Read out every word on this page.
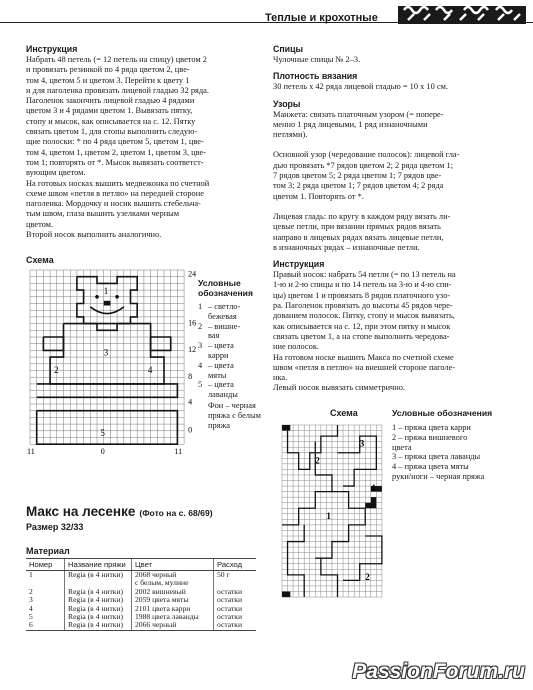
Теплые и крохотные
Инструкция

Набрать 48 петель (= 12 петель на спицу) цветом 2

и провязать резинкой по 4 ряда цветом 2, цве-

том 4, цветом 5 и цветом 3. Перейти к цвету 1

и для паголенка провязать лицевой гладью 32 ряда.

Паголенок закончить лицевой гладью 4 рядами

цветом 3 и 4 рядами цветом 1. Вывязать пятку,

стопу и мысок, как описывается на с. 12. Пятку

связать цветом 1, для стопы выполнить следую-

щие полоски: * по 4 ряда цветом 5, цветом 1, цве-

том 4, цветом 1, цветом 2, цветом 1, цветом 3, цве-

том 1; повторять от *. Мысок вывязать соответст-

вующим цветом.

На готовых носках вышить медвежонка по счетной

схеме швом «петля в петлю» на передней стороне

паголенка. Мордочку и носик вышить стебельча-

тым швом, глаза вышить узелками черным

цветом.

Второй носок выполнить аналогично.

Схема
Условные
обозначения
1 – светло-
бежевая
2 – вишне-
вая
3 – цвета
карри
4 – цвета
мяты
5 – цвета
лаванды
Фон – черная
пряжа с белым
пряжа
1
3
2	4
5
24
16
12
8
4
0
11	0	11
Макс на лесенке (Фото на с. 68/69)
Размер 32/33
Материал
Номер	Название пряжи	Цвет	Расход

1	Regia (в 4 нитки)	2068 черный
с белым, мулине	50 г

2	Regia (в 4 нитки)	2002 вишневый	остатки

3	Regia (в 4 нитки)	2059 цвета мяты	остатки

4	Regia (в 4 нитки)	2101 цвета карри	остатки

5	Regia (в 4 нитки)	1988 цвета лаванды	остатки

6	Regia (в 4 нитки)	2066 черный	остатки
Спицы

Чулочные спицы № 2–3.

Плотность вязания

30 петель x 42 ряда лицевой гладью = 10 x 10 см.

Узоры

Манжета: связать платочным узором (= попере-

менно 1 ряд лицевыми, 1 ряд изнаночными

петлями).

Основной узор (чередование полосок): лицевой гла-

дью провязать *7 рядов цветом 2; 2 ряда цветом 1;

7 рядов цветом 5; 2 ряда цветом 1; 7 рядов цве-

том 3; 2 ряда цветом 1; 7 рядов цветом 4; 2 ряда

цветом 1. Повторять от *.

Лицевая гладь: по кругу в каждом ряду вязать ли-

цевые петли, при вязании прямых рядов вязать

направо в лицевых рядах вязать лицевые петли,

в изнаночных рядах – изнаночные петли.

Инструкция

Правый носок: набрать 54 петли (= по 13 петель на

1-ю и 2-ю спицы и по 14 петель на 3-ю и 4-ю спи-

цы) цветом 1 и провязать 8 рядов платочного узо-

ра. Паголенок провязать до высоты 45 рядов чере-

дованием полосок. Пятку, стопу и мысок вывязать,

как описывается на с. 12, при этом пятку и мысок

связать цветом 1, а на стопе выполнить чередова-

ние полосок.

На готовом носке вышить Макса по счетной схеме

швом «петля в петлю» на внешней стороне паголе-

нка.

Левый носок вывязать симметрично.

Схема	Условные обозначения
1 – пряжа цвета карри
2 – пряжа вишневого
цвета
3 – пряжа цвета лаванды
4 – пряжа цвета мяты
руки/ноги – черная пряжа
3
2
4
1
2
PassionForum.ru
